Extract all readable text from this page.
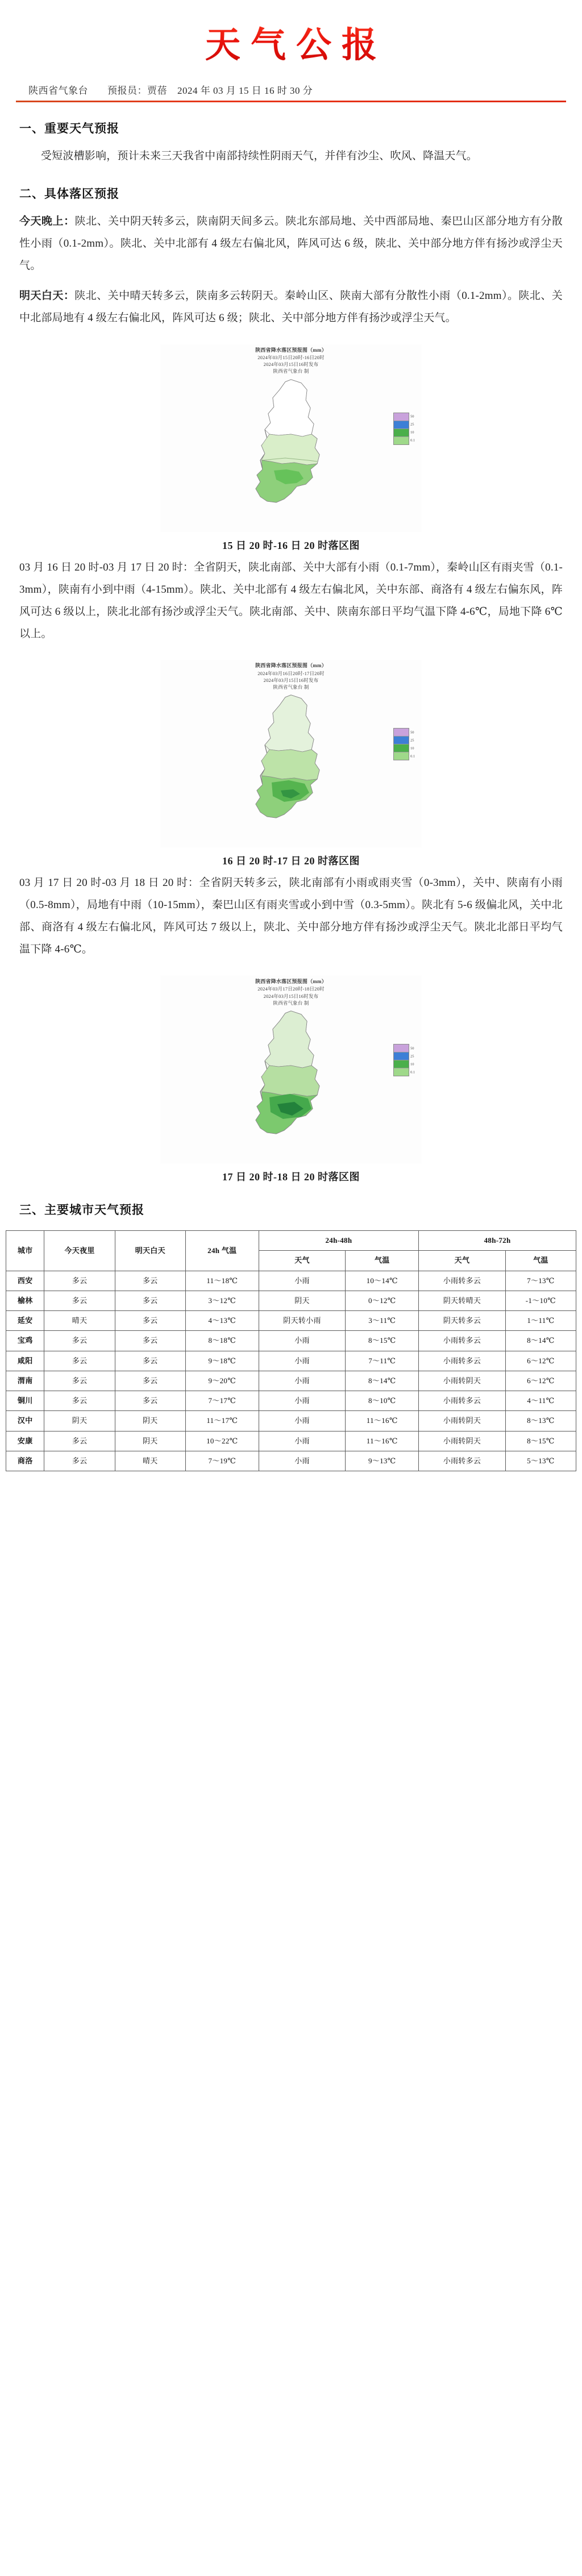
天气公报
陕西省气象台 预报员：贾蓓 2024 年 03 月 15 日 16 时 30 分
一、重要天气预报

受短波槽影响，预计未来三天我省中南部持续性阴雨天气，并伴有沙尘、吹风、降温天气。

二、具体落区预报

今天晚上：陕北、关中阴天转多云，陕南阴天间多云。陕北东部局地、关中西部局地、秦巴山区部分地方有分散性小雨（0.1-2mm）。陕北、关中北部有 4 级左右偏北风，阵风可达 6 级，陕北、关中部分地方伴有扬沙或浮尘天气。

明天白天：陕北、关中晴天转多云，陕南多云转阴天。秦岭山区、陕南大部有分散性小雨（0.1-2mm）。陕北、关中北部局地有 4 级左右偏北风，阵风可达 6 级；陕北、关中部分地方伴有扬沙或浮尘天气。

陕西省降水落区预报图（mm）
2024年03月15日20时-16日20时
2024年03月15日16时发布
陕西省气象台 制
50
25
10
0.1
15 日 20 时-16 日 20 时落区图

03 月 16 日 20 时-03 月 17 日 20 时：全省阴天，陕北南部、关中大部有小雨（0.1-7mm），秦岭山区有雨夹雪（0.1-3mm），陕南有小到中雨（4-15mm）。陕北、关中北部有 4 级左右偏北风，关中东部、商洛有 4 级左右偏东风，阵风可达 6 级以上，陕北北部有扬沙或浮尘天气。陕北南部、关中、陕南东部日平均气温下降 4-6℃，局地下降 6℃以上。

陕西省降水落区预报图（mm）
2024年03月16日20时-17日20时
2024年03月15日16时发布
陕西省气象台 制
50
25
10
0.1
16 日 20 时-17 日 20 时落区图

03 月 17 日 20 时-03 月 18 日 20 时：全省阴天转多云，陕北南部有小雨或雨夹雪（0-3mm），关中、陕南有小雨（0.5-8mm），局地有中雨（10-15mm），秦巴山区有雨夹雪或小到中雪（0.3-5mm）。陕北有 5-6 级偏北风，关中北部、商洛有 4 级左右偏北风，阵风可达 7 级以上，陕北、关中部分地方伴有扬沙或浮尘天气。陕北北部日平均气温下降 4-6℃。

陕西省降水落区预报图（mm）
2024年03月17日20时-18日20时
2024年03月15日16时发布
陕西省气象台 制
50
25
10
0.1
17 日 20 时-18 日 20 时落区图
三、主要城市天气预报
城市	今天夜里	明天白天	24h 气温	24h-48h		48h-72h	
				天气	气温	天气	气温
西安	多云	多云	11～18℃	小雨	10～14℃	小雨转多云	7～13℃
榆林	多云	多云	3～12℃	阴天	0～12℃	阴天转晴天	-1～10℃
延安	晴天	多云	4～13℃	阴天转小雨	3～11℃	阴天转多云	1～11℃
宝鸡	多云	多云	8～18℃	小雨	8～15℃	小雨转多云	8～14℃
咸阳	多云	多云	9～18℃	小雨	7～11℃	小雨转多云	6～12℃
渭南	多云	多云	9～20℃	小雨	8～14℃	小雨转阴天	6～12℃
铜川	多云	多云	7～17℃	小雨	8～10℃	小雨转多云	4～11℃
汉中	阴天	阴天	11～17℃	小雨	11～16℃	小雨转阴天	8～13℃
安康	多云	阴天	10～22℃	小雨	11～16℃	小雨转阴天	8～15℃
商洛	多云	晴天	7～19℃	小雨	9～13℃	小雨转多云	5～13℃
